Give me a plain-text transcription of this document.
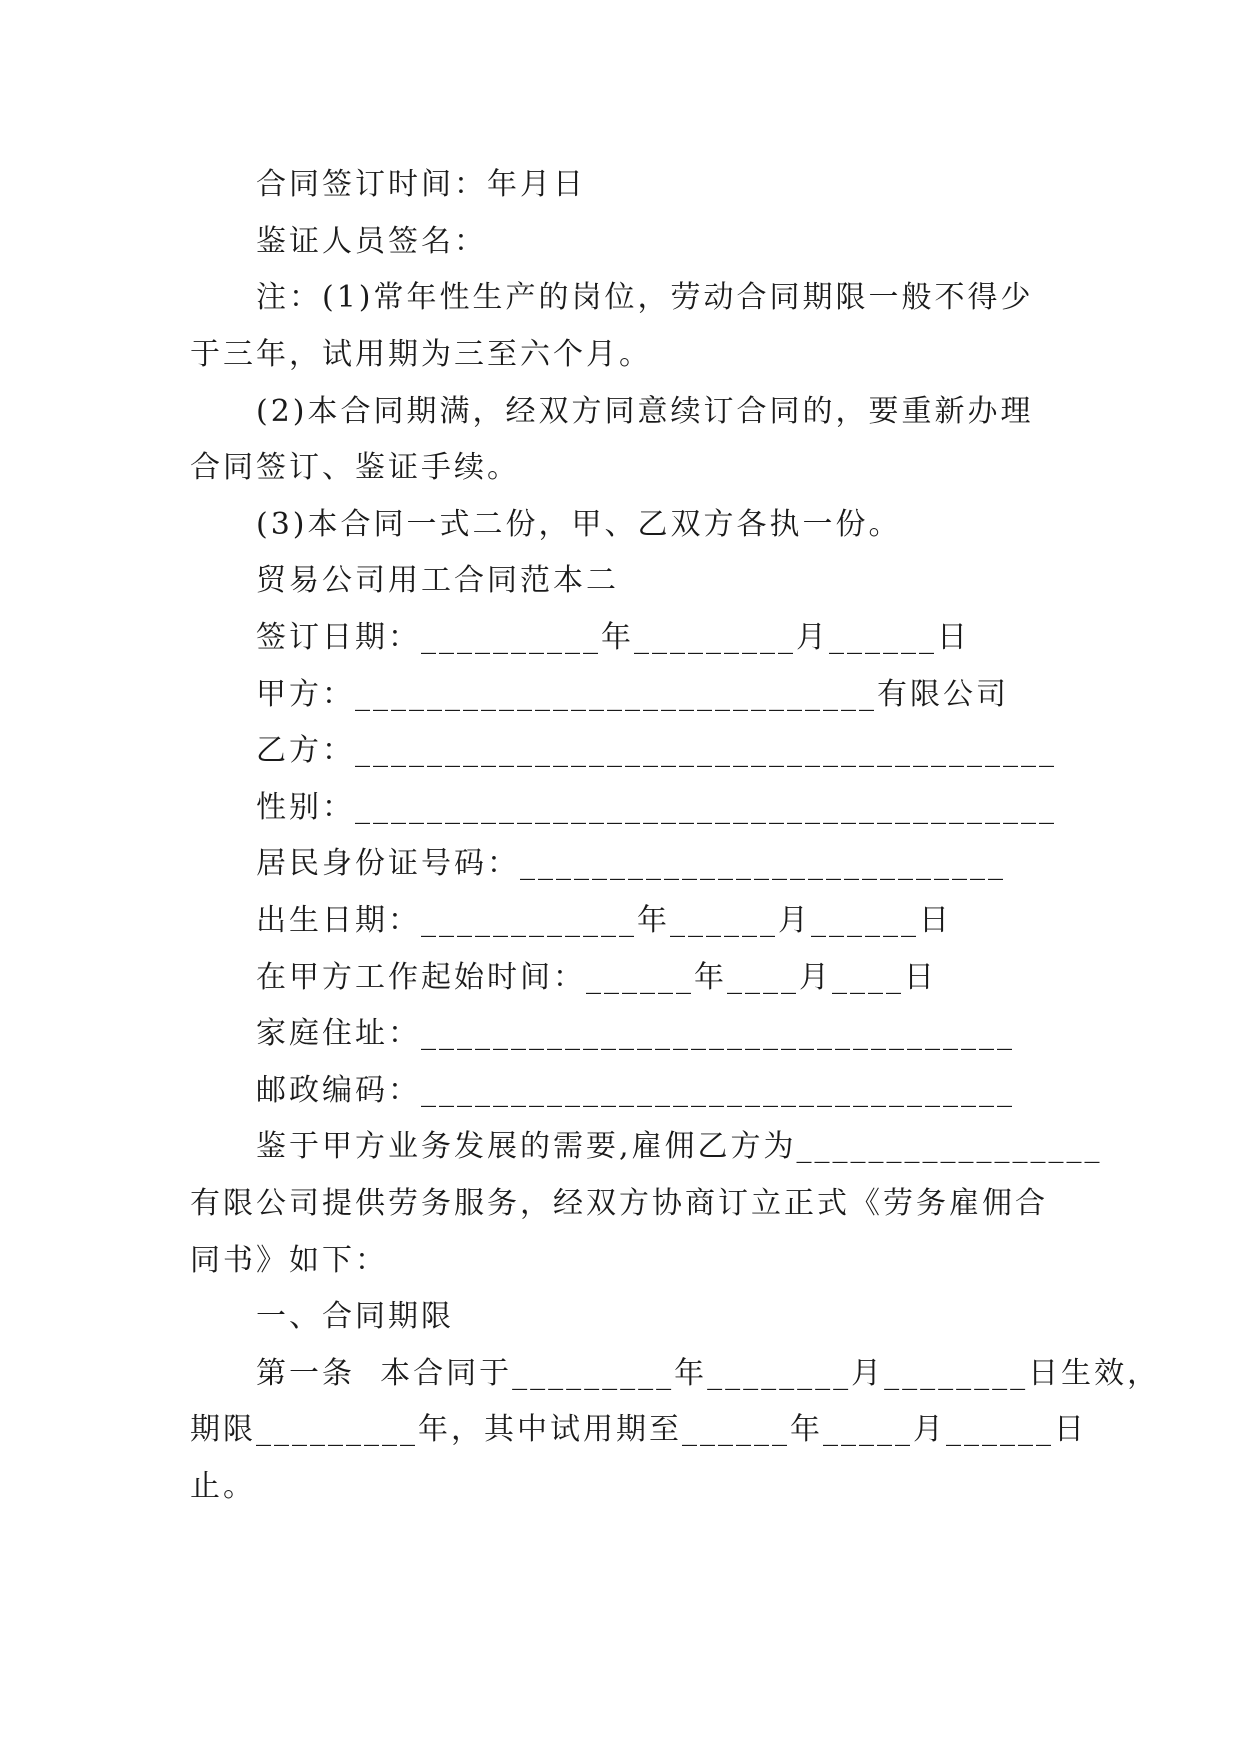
合同签订时间：年月日
鉴证人员签名：
注：(1)常年性生产的岗位，劳动合同期限一般不得少
于三年，试用期为三至六个月。
(2)本合同期满，经双方同意续订合同的，要重新办理
合同签订、鉴证手续。
(3)本合同一式二份，甲、乙双方各执一份。
贸易公司用工合同范本二
签订日期：__________年_________月______日
甲方：_____________________________有限公司
乙方：_______________________________________
性别：_______________________________________
居民身份证号码：___________________________
出生日期：____________年______月______日
在甲方工作起始时间：______年____月____日
家庭住址：_________________________________
邮政编码：_________________________________
鉴于甲方业务发展的需要,雇佣乙方为_________________
有限公司提供劳务服务，经双方协商订立正式《劳务雇佣合
同书》如下：
一、合同期限
第一条  本合同于_________年________月________日生效，
期限_________年，其中试用期至______年_____月______日
止。
